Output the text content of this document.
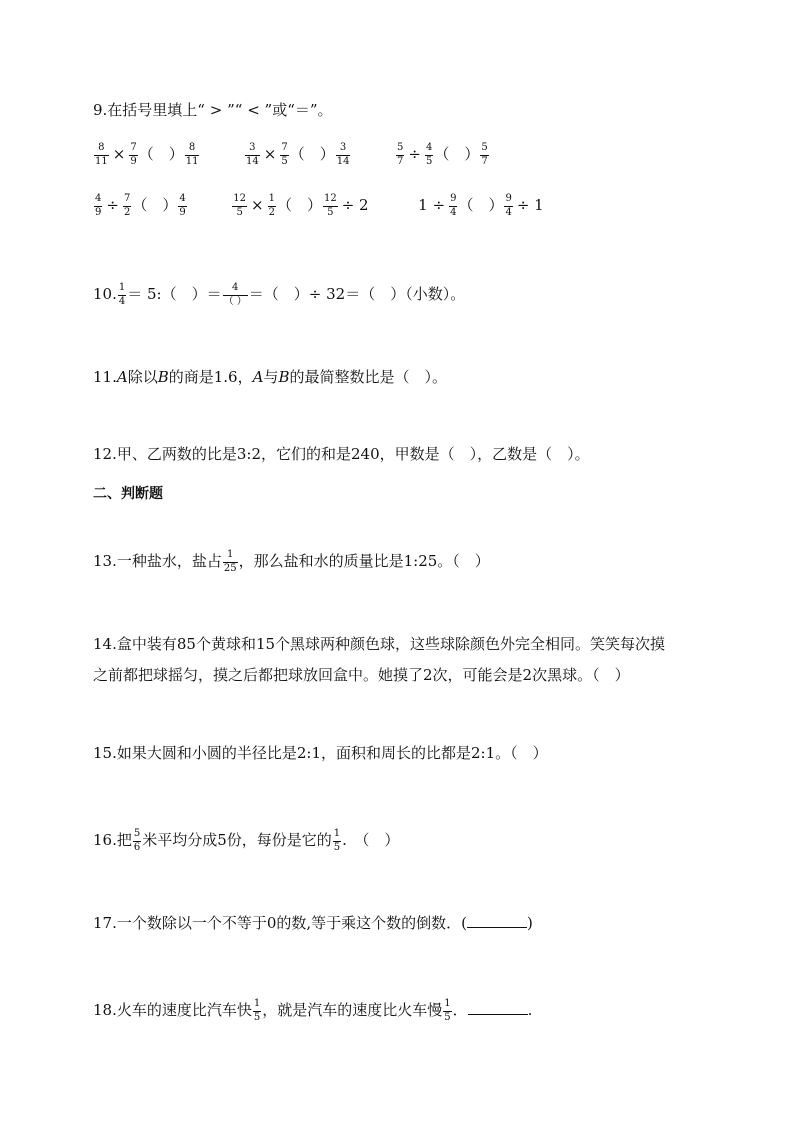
9.在括号里填上“ > ”“ < ”或“＝”。
$\frac{8}{11} \times \frac{7}{9}$ （　） $\frac{8}{11}$
	$\frac{3}{14} \times \frac{7}{5}$ （　） $\frac{3}{14}$
	$\frac{5}{7} \div \frac{4}{5}$ （　） $\frac{5}{7}$
$\frac{4}{9} \div \frac{7}{2}$ （　） $\frac{4}{9}$
	$\frac{12}{5} \times \frac{1}{2}$ （　） $\frac{12}{5} \div 2$	$1 \div \frac{9}{4}$ （　） $\frac{9}{4} \div 1$
10. $\frac{1}{4}$ ＝ 5:（　）＝ $\frac{4}{( )}$ ＝（　）÷ 32＝（　）（小数）。
11.A除以B的商是1.6，A与B的最简整数比是（　）。
12.甲、乙两数的比是3:2，它们的和是240，甲数是（　），乙数是（　）。
二、判断题
13.一种盐水，盐占 $\frac{1}{25}$ ，那么盐和水的质量比是1:25。（　）
14.盒中装有85个黄球和15个黑球两种颜色球，这些球除颜色外完全相同。笑笑每次摸
之前都把球摇匀，摸之后都把球放回盒中。她摸了2次，可能会是2次黑球。（　）
15.如果大圆和小圆的半径比是2:1，面积和周长的比都是2:1。（　）
16.把 $\frac{5}{6}$ 米平均分成5份，每份是它的 $\frac{1}{5}$ .　（　）
17.一个数除以一个不等于0的数,等于乘这个数的倒数．(	)
18.火车的速度比汽车快 $\frac{1}{5}$ ，就是汽车的速度比火车慢 $\frac{1}{5}$ ．	.
